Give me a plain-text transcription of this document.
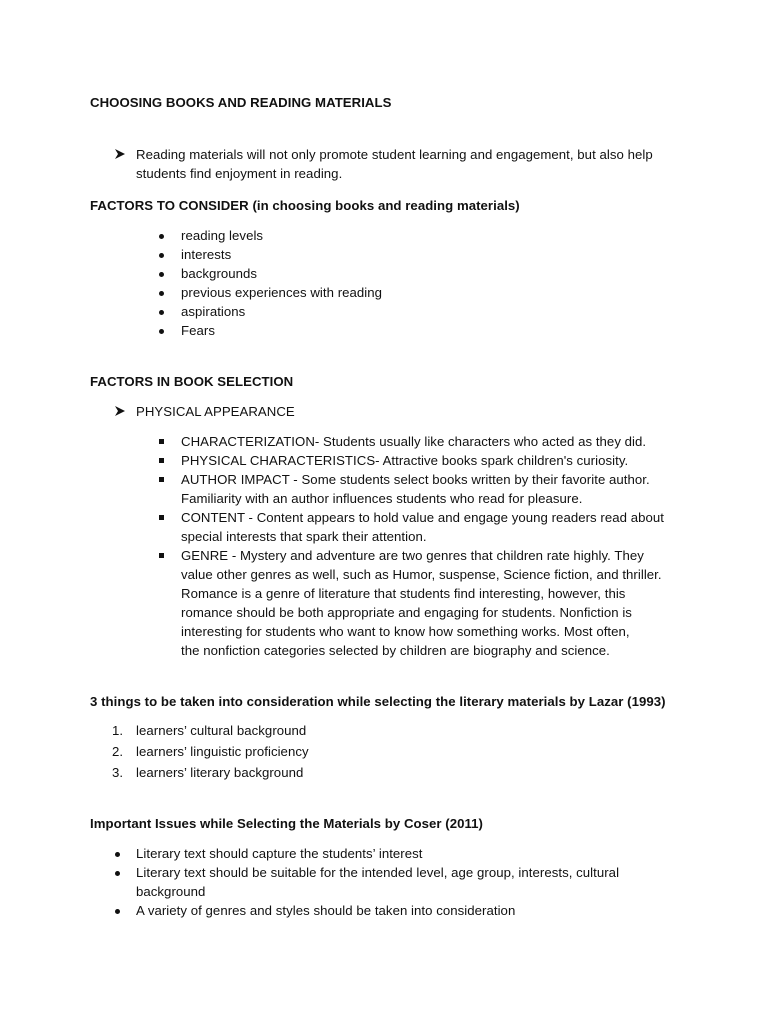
CHOOSING BOOKS AND READING MATERIALS
Reading materials will not only promote student learning and engagement, but also help
students find enjoyment in reading.
FACTORS TO CONSIDER (in choosing books and reading materials)
reading levels
interests
backgrounds
previous experiences with reading
aspirations
Fears
FACTORS IN BOOK SELECTION
PHYSICAL APPEARANCE
CHARACTERIZATION- Students usually like characters who acted as they did.
PHYSICAL CHARACTERISTICS- Attractive books spark children's curiosity.
AUTHOR IMPACT - Some students select books written by their favorite author.
Familiarity with an author influences students who read for pleasure.
CONTENT - Content appears to hold value and engage young readers read about
special interests that spark their attention.
GENRE - Mystery and adventure are two genres that children rate highly. They
value other genres as well, such as Humor, suspense, Science fiction, and thriller.
Romance is a genre of literature that students find interesting, however, this
romance should be both appropriate and engaging for students. Nonfiction is
interesting for students who want to know how something works. Most often,
the nonfiction categories selected by children are biography and science.
3 things to be taken into consideration while selecting the literary materials by Lazar (1993)
1. learners’ cultural background
2. learners’ linguistic proficiency
3. learners’ literary background
Important Issues while Selecting the Materials by Coser (2011)
Literary text should capture the students’ interest
Literary text should be suitable for the intended level, age group, interests, cultural
background
A variety of genres and styles should be taken into consideration
